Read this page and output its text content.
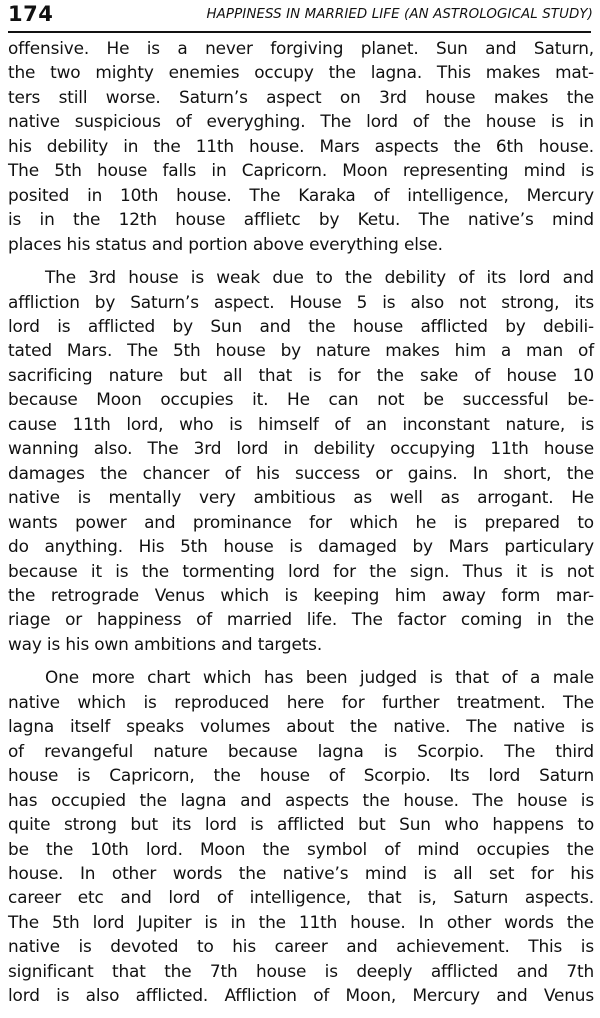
174	HAPPINESS IN MARRIED LIFE (AN ASTROLOGICAL STUDY)
offensive. He is a never forgiving planet. Sun and Saturn,
the two mighty enemies occupy the lagna. This makes mat-
ters still worse. Saturn’s aspect on 3rd house makes the
native suspicious of everyghing. The lord of the house is in
his debility in the 11th house. Mars aspects the 6th house.
The 5th house falls in Capricorn. Moon representing mind is
posited in 10th house. The Karaka of intelligence, Mercury
is in the 12th house afflietc by Ketu. The native’s mind
places his status and portion above everything else.
The 3rd house is weak due to the debility of its lord and
affliction by Saturn’s aspect. House 5 is also not strong, its
lord is afflicted by Sun and the house afflicted by debili-
tated Mars. The 5th house by nature makes him a man of
sacrificing nature but all that is for the sake of house 10
because Moon occupies it. He can not be successful be-
cause 11th lord, who is himself of an inconstant nature, is
wanning also. The 3rd lord in debility occupying 11th house
damages the chancer of his success or gains. In short, the
native is mentally very ambitious as well as arrogant. He
wants power and prominance for which he is prepared to
do anything. His 5th house is damaged by Mars particulary
because it is the tormenting lord for the sign. Thus it is not
the retrograde Venus which is keeping him away form mar-
riage or happiness of married life. The factor coming in the
way is his own ambitions and targets.
One more chart which has been judged is that of a male
native which is reproduced here for further treatment. The
lagna itself speaks volumes about the native. The native is
of revangeful nature because lagna is Scorpio. The third
house is Capricorn, the house of Scorpio. Its lord Saturn
has occupied the lagna and aspects the house. The house is
quite strong but its lord is afflicted but Sun who happens to
be the 10th lord. Moon the symbol of mind occupies the
house. In other words the native’s mind is all set for his
career etc and lord of intelligence, that is, Saturn aspects.
The 5th lord Jupiter is in the 11th house. In other words the
native is devoted to his career and achievement. This is
significant that the 7th house is deeply afflicted and 7th
lord is also afflicted. Affliction of Moon, Mercury and Venus
